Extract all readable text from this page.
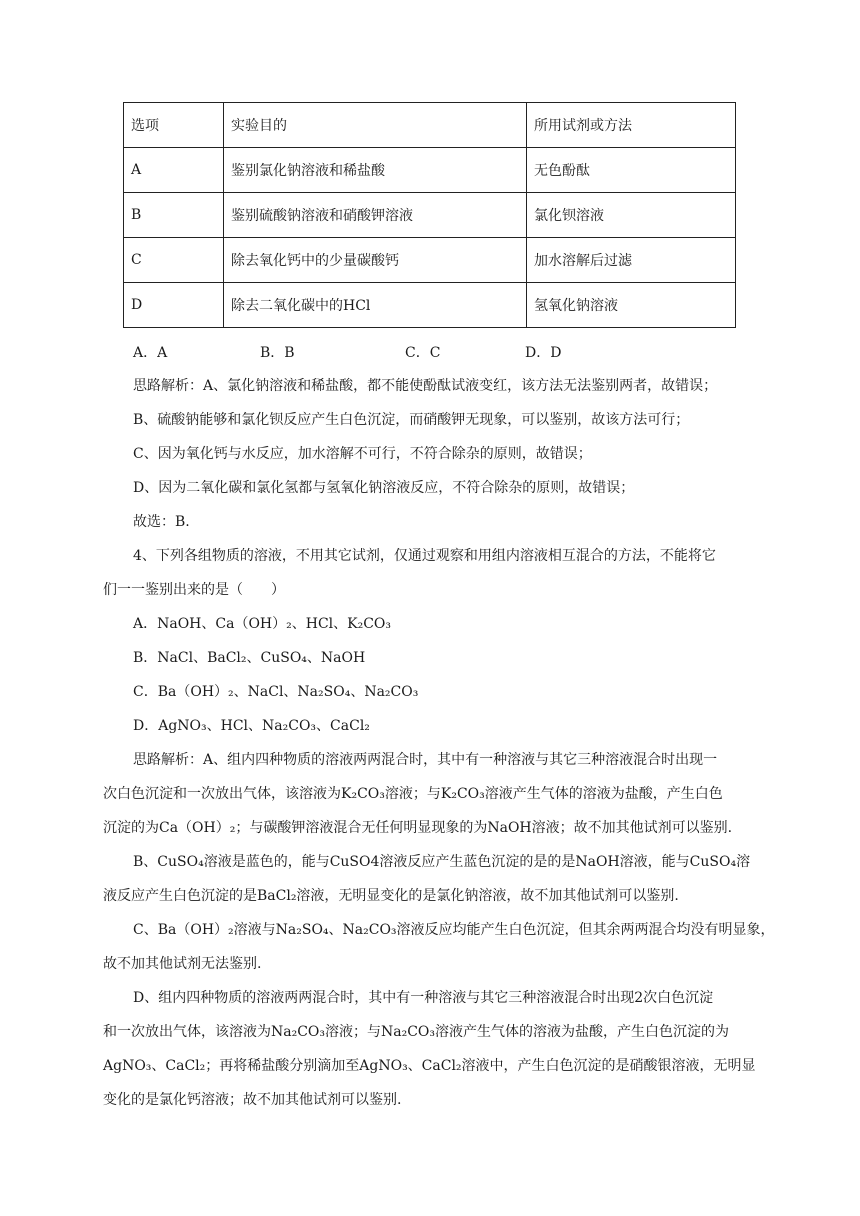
选项	实验目的	所用试剂或方法
A	鉴别氯化钠溶液和稀盐酸	无色酚酞
B	鉴别硫酸钠溶液和硝酸钾溶液	氯化钡溶液
C	除去氧化钙中的少量碳酸钙	加水溶解后过滤
D	除去二氧化碳中的HCl	氢氧化钠溶液
A．A	B．B	C．C	D．D
思路解析：A、氯化钠溶液和稀盐酸，都不能使酚酞试液变红，该方法无法鉴别两者，故错误；
B、硫酸钠能够和氯化钡反应产生白色沉淀，而硝酸钾无现象，可以鉴别，故该方法可行；
C、因为氧化钙与水反应，加水溶解不可行，不符合除杂的原则，故错误；
D、因为二氧化碳和氯化氢都与氢氧化钠溶液反应，不符合除杂的原则，故错误；
故选：B.
4、下列各组物质的溶液，不用其它试剂，仅通过观察和用组内溶液相互混合的方法，不能将它
们一一鉴别出来的是（　　）
A．NaOH、Ca（OH）₂、HCl、K₂CO₃
B．NaCl、BaCl₂、CuSO₄、NaOH
C．Ba（OH）₂、NaCl、Na₂SO₄、Na₂CO₃
D．AgNO₃、HCl、Na₂CO₃、CaCl₂
思路解析：A、组内四种物质的溶液两两混合时，其中有一种溶液与其它三种溶液混合时出现一
次白色沉淀和一次放出气体，该溶液为K₂CO₃溶液；与K₂CO₃溶液产生气体的溶液为盐酸，产生白色
沉淀的为Ca（OH）₂；与碳酸钾溶液混合无任何明显现象的为NaOH溶液；故不加其他试剂可以鉴别.
B、CuSO₄溶液是蓝色的，能与CuSO4溶液反应产生蓝色沉淀的是的是NaOH溶液，能与CuSO₄溶
液反应产生白色沉淀的是BaCl₂溶液，无明显变化的是氯化钠溶液，故不加其他试剂可以鉴别.
C、Ba（OH）₂溶液与Na₂SO₄、Na₂CO₃溶液反应均能产生白色沉淀，但其余两两混合均没有明显象，
故不加其他试剂无法鉴别.
D、组内四种物质的溶液两两混合时，其中有一种溶液与其它三种溶液混合时出现2次白色沉淀
和一次放出气体，该溶液为Na₂CO₃溶液；与Na₂CO₃溶液产生气体的溶液为盐酸，产生白色沉淀的为
AgNO₃、CaCl₂；再将稀盐酸分别滴加至AgNO₃、CaCl₂溶液中，产生白色沉淀的是硝酸银溶液，无明显
变化的是氯化钙溶液；故不加其他试剂可以鉴别.
